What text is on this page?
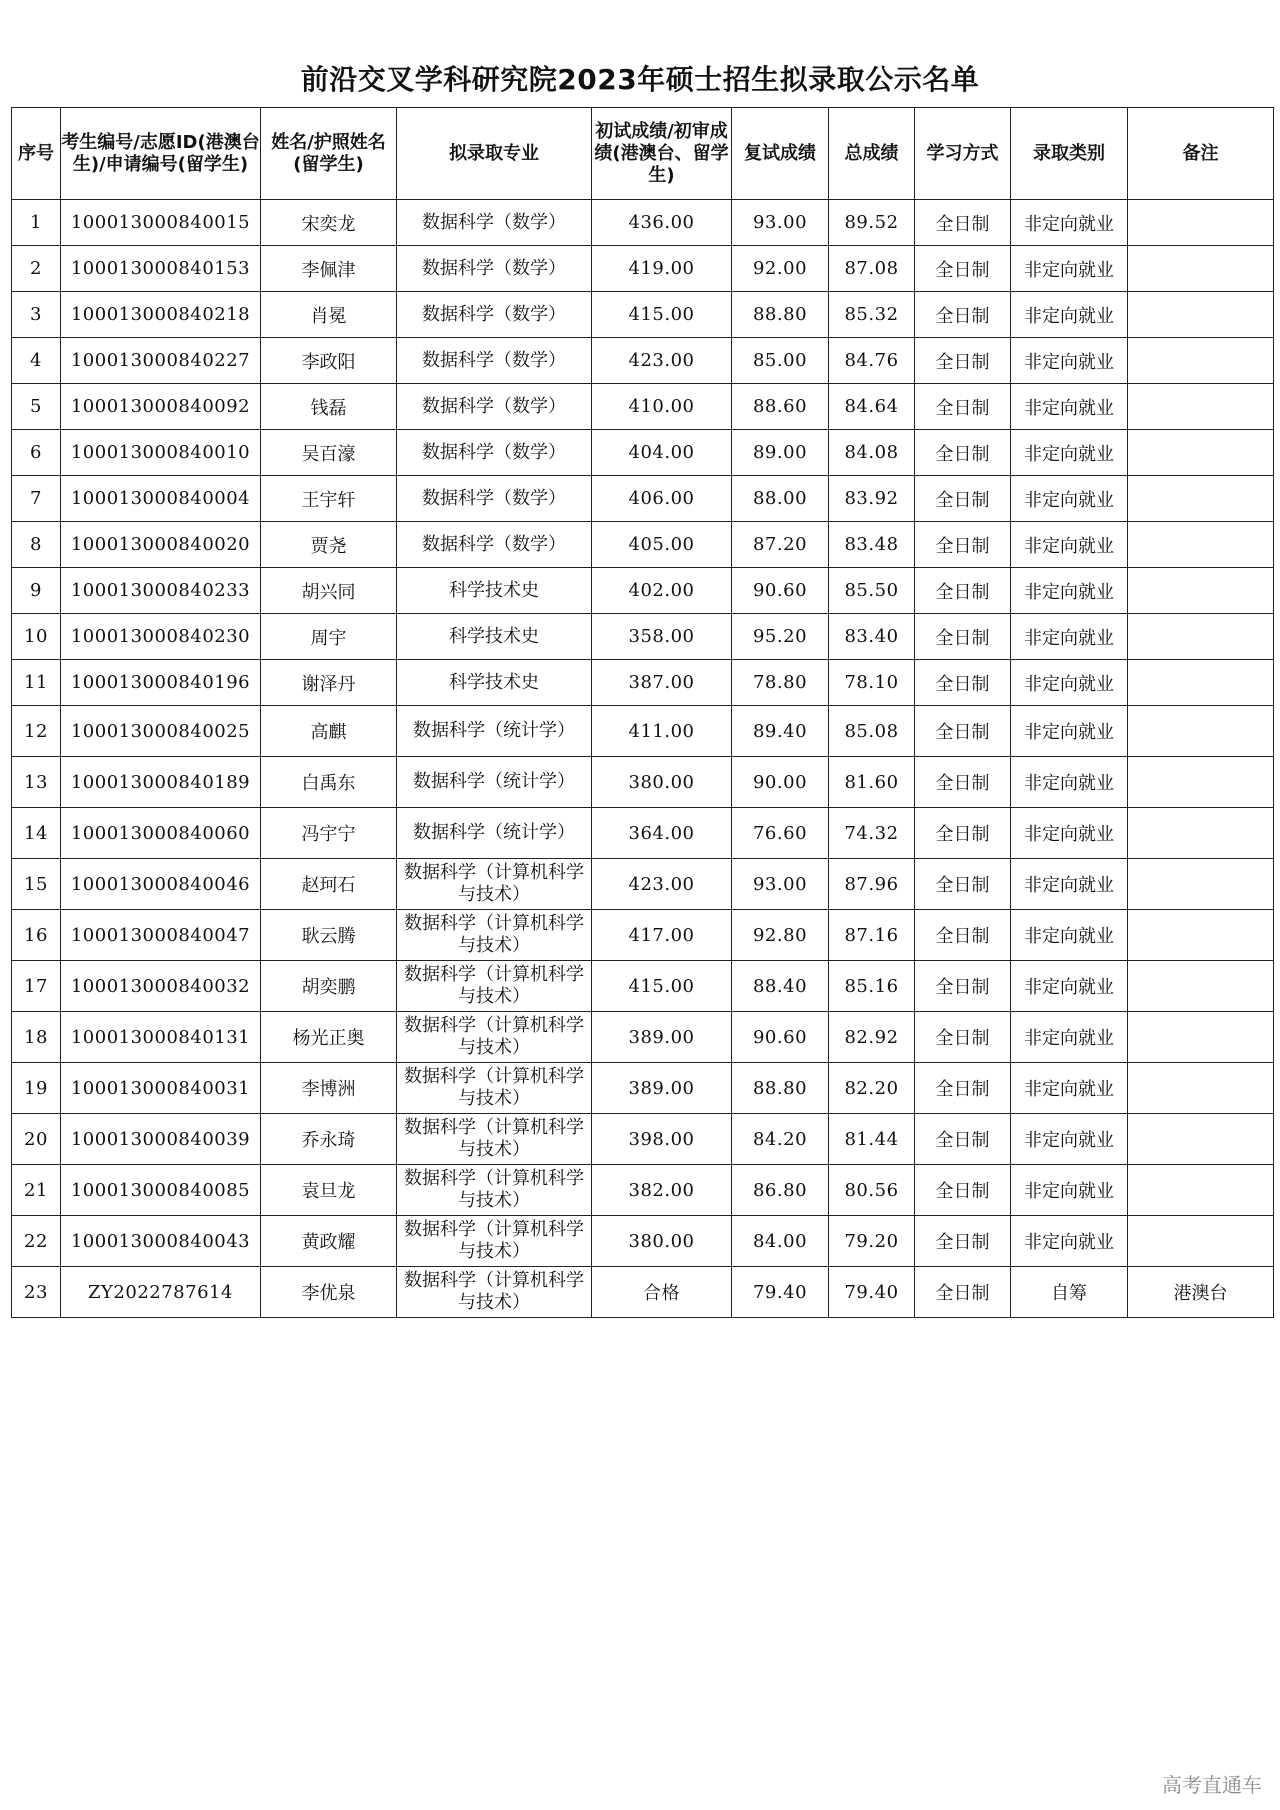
前沿交叉学科研究院2023年硕士招生拟录取公示名单
序号	考生编号/志愿ID(港澳台生)/申请编号(留学生)	姓名/护照姓名(留学生)	拟录取专业	初试成绩/初审成绩(港澳台、留学生)	复试成绩	总成绩	学习方式	录取类别	备注
1	100013000840015	宋奕龙	数据科学（数学）	436.00	93.00	89.52	全日制	非定向就业	
2	100013000840153	李佩津	数据科学（数学）	419.00	92.00	87.08	全日制	非定向就业	
3	100013000840218	肖冕	数据科学（数学）	415.00	88.80	85.32	全日制	非定向就业	
4	100013000840227	李政阳	数据科学（数学）	423.00	85.00	84.76	全日制	非定向就业	
5	100013000840092	钱磊	数据科学（数学）	410.00	88.60	84.64	全日制	非定向就业	
6	100013000840010	吴百濠	数据科学（数学）	404.00	89.00	84.08	全日制	非定向就业	
7	100013000840004	王宇轩	数据科学（数学）	406.00	88.00	83.92	全日制	非定向就业	
8	100013000840020	贾尧	数据科学（数学）	405.00	87.20	83.48	全日制	非定向就业	
9	100013000840233	胡兴同	科学技术史	402.00	90.60	85.50	全日制	非定向就业	
10	100013000840230	周宇	科学技术史	358.00	95.20	83.40	全日制	非定向就业	
11	100013000840196	谢泽丹	科学技术史	387.00	78.80	78.10	全日制	非定向就业	
12	100013000840025	高麒	数据科学（统计学）	411.00	89.40	85.08	全日制	非定向就业	
13	100013000840189	白禹东	数据科学（统计学）	380.00	90.00	81.60	全日制	非定向就业	
14	100013000840060	冯宇宁	数据科学（统计学）	364.00	76.60	74.32	全日制	非定向就业	
15	100013000840046	赵珂石	数据科学（计算机科学与技术）	423.00	93.00	87.96	全日制	非定向就业	
16	100013000840047	耿云腾	数据科学（计算机科学与技术）	417.00	92.80	87.16	全日制	非定向就业	
17	100013000840032	胡奕鹏	数据科学（计算机科学与技术）	415.00	88.40	85.16	全日制	非定向就业	
18	100013000840131	杨光正奥	数据科学（计算机科学与技术）	389.00	90.60	82.92	全日制	非定向就业	
19	100013000840031	李博洲	数据科学（计算机科学与技术）	389.00	88.80	82.20	全日制	非定向就业	
20	100013000840039	乔永琦	数据科学（计算机科学与技术）	398.00	84.20	81.44	全日制	非定向就业	
21	100013000840085	袁旦龙	数据科学（计算机科学与技术）	382.00	86.80	80.56	全日制	非定向就业	
22	100013000840043	黄政耀	数据科学（计算机科学与技术）	380.00	84.00	79.20	全日制	非定向就业	
23	ZY2022787614	李优泉	数据科学（计算机科学与技术）	合格	79.40	79.40	全日制	自筹	港澳台
高考直通车
